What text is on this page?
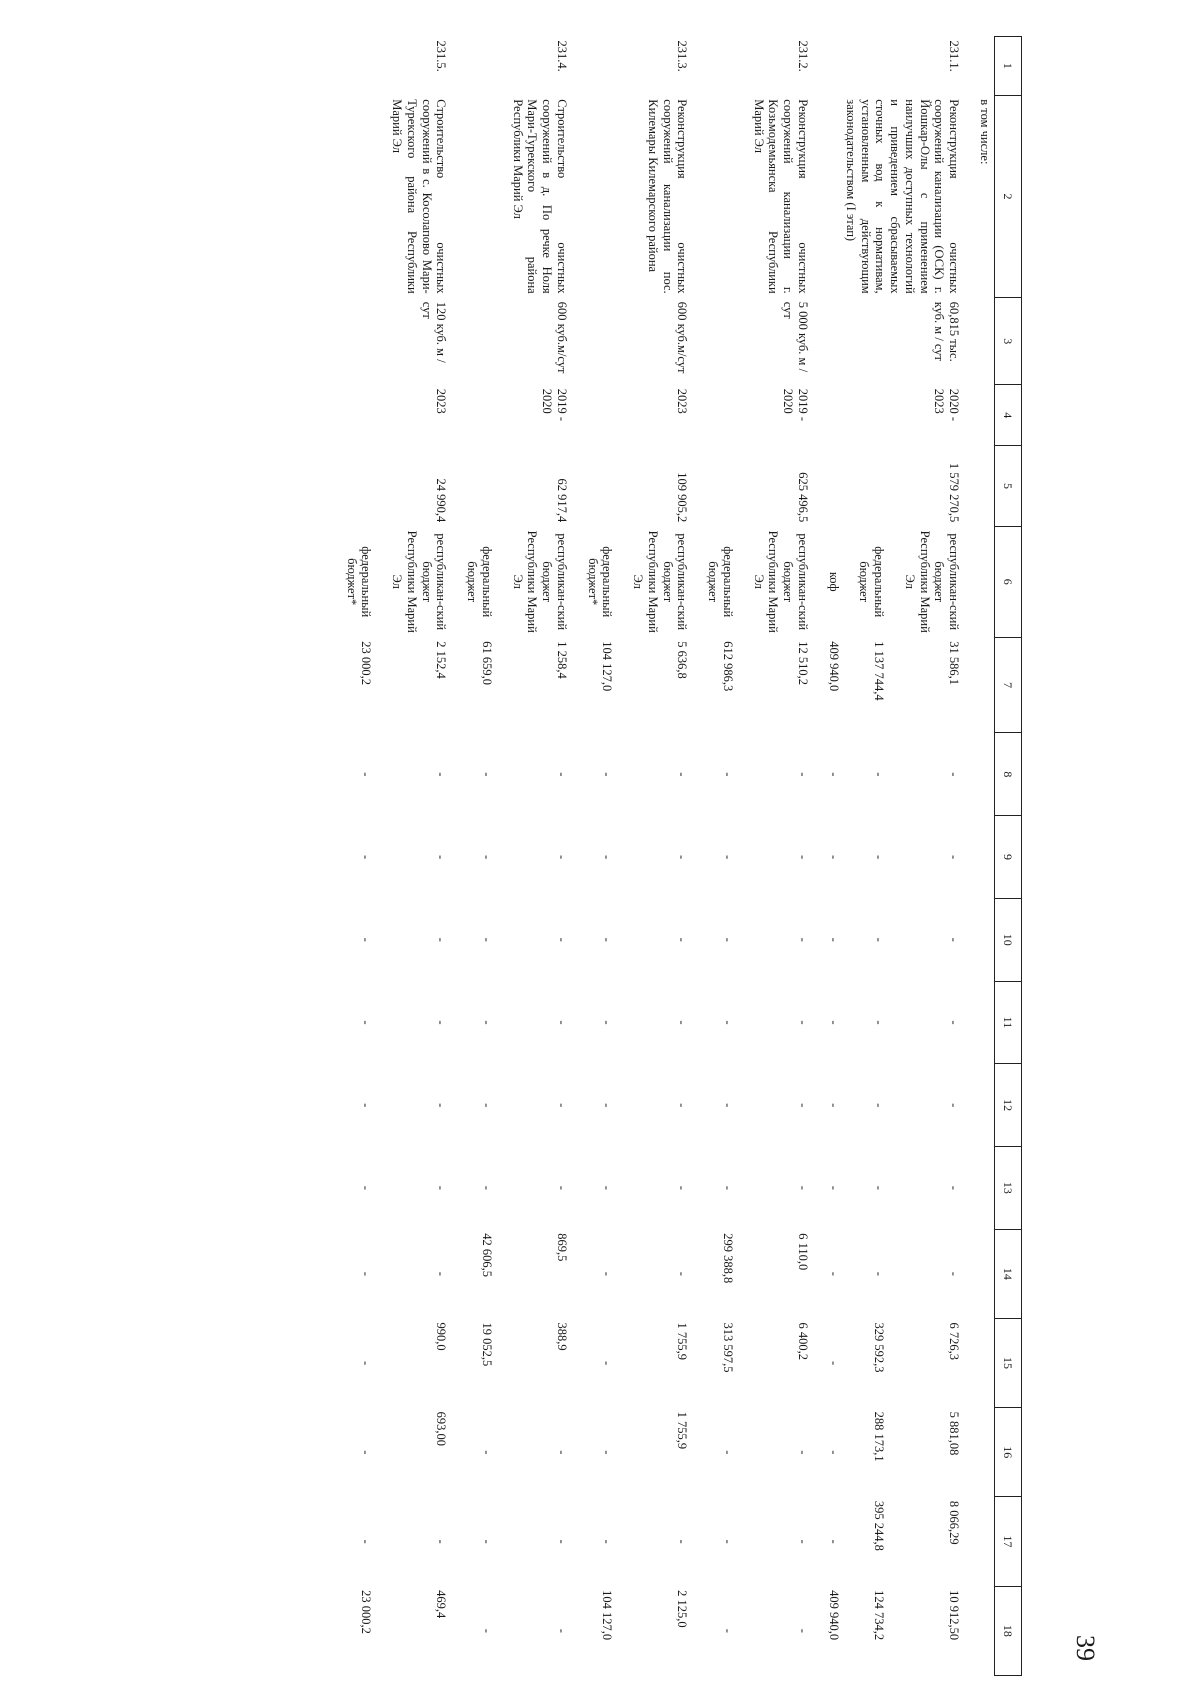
39
1	2	3	4	5	6	7	8	9	10	11	12	13	14	15	16	17	18
	в том числе:																
231.1.	Реконструкция очистных сооружений канализации (ОСК) г. Йошкар-Олы с применением наилучших доступных технологий и приведением сбрасываемых сточных вод к нормативам, установленным действующим законодательством (I этап)	60,815 тыс. куб. м / сут	2020 - 2023	1 579 270,5	республикан-ский бюджет Республики Марий Эл	31 586,1	-	-	-	-	-	-	-	6 726,3	5 881,08	8 066,29	10 912,50
					федеральный бюджет	1 137 744,4	-	-	-	-	-	-	-	329 592,3	288 173,1	395 244,8	124 734,2
					коф	409 940,0	-	-	-	-	-	-	-	-	-	-	409 940,0
231.2.	Реконструкция очистных сооружений канализации г. Козьмодемьянска Республики Марий Эл	5 000 куб. м / сут	2019 - 2020	625 496,5	республикан-ский бюджет Республики Марий Эл	12 510,2	-	-	-	-	-	-	6 110,0	6 400,2	-	-	-
					федеральный бюджет	612 986,3	-	-	-	-	-	-	299 388,8	313 597,5	-	-	-
231.3.	Реконструкция очистных сооружений канализации пос. Килемары Килемарского района	600 куб.м/сут	2023	109 905,2	республикан-ский бюджет Республики Марий Эл	5 636,8	-	-	-	-	-	-	-	1 755,9	1 755,9	-	2 125,0
					федеральный бюджет*	104 127,0	-	-	-	-	-	-	-	-	-	-	104 127,0
231.4.	Строительство очистных сооружений в д. По речке Ноля Мари-Турекского района Республики Марий Эл	600 куб.м/сут	2019 - 2020	62 917,4	республикан-ский бюджет Республики Марий Эл	1 258,4	-	-	-	-	-	-	869,5	388,9	-	-	-
					федеральный бюджет	61 659,0	-	-	-	-	-	-	42 606,5	19 052,5	-	-	-
231.5.	Строительство очистных сооружений в с. Косолапово Мари-Турекского района Республики Марий Эл	120 куб. м / сут	2023	24 990,4	республикан-ский бюджет Республики Марий Эл	2 152,4	-	-	-	-	-	-	-	990,0	693,00	-	469,4
					федеральный бюджет*	23 000,2	-	-	-	-	-	-	-	-	-	-	23 000,2
